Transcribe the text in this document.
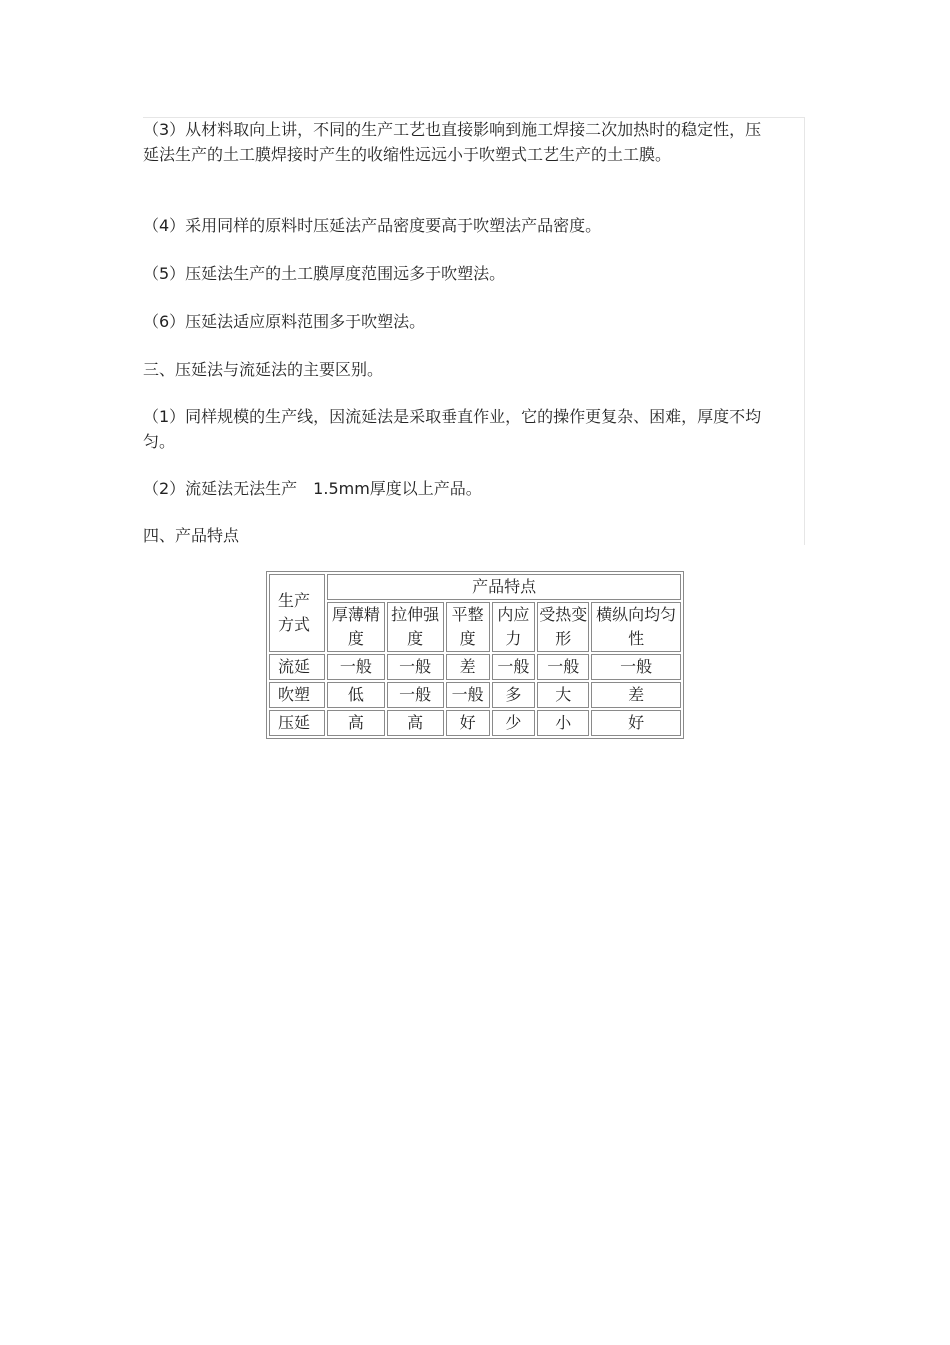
（3）从材料取向上讲，不同的生产工艺也直接影响到施工焊接二次加热时的稳定性，压延法生产的土工膜焊接时产生的收缩性远远小于吹塑式工艺生产的土工膜。

（4）采用同样的原料时压延法产品密度要高于吹塑法产品密度。

（5）压延法生产的土工膜厚度范围远多于吹塑法。

（6）压延法适应原料范围多于吹塑法。

三、压延法与流延法的主要区别。

（1）同样规模的生产线，因流延法是采取垂直作业，它的操作更复杂、困难，厚度不均匀。

（2）流延法无法生产　1.5mm厚度以上产品。

四、产品特点

生产方式	产品特点					
	厚薄精度	拉伸强度	平整度	内应力	受热变形	横纵向均匀性
流延	一般	一般	差	一般	一般	一般
吹塑	低	一般	一般	多	大	差
压延	高	高	好	少	小	好
